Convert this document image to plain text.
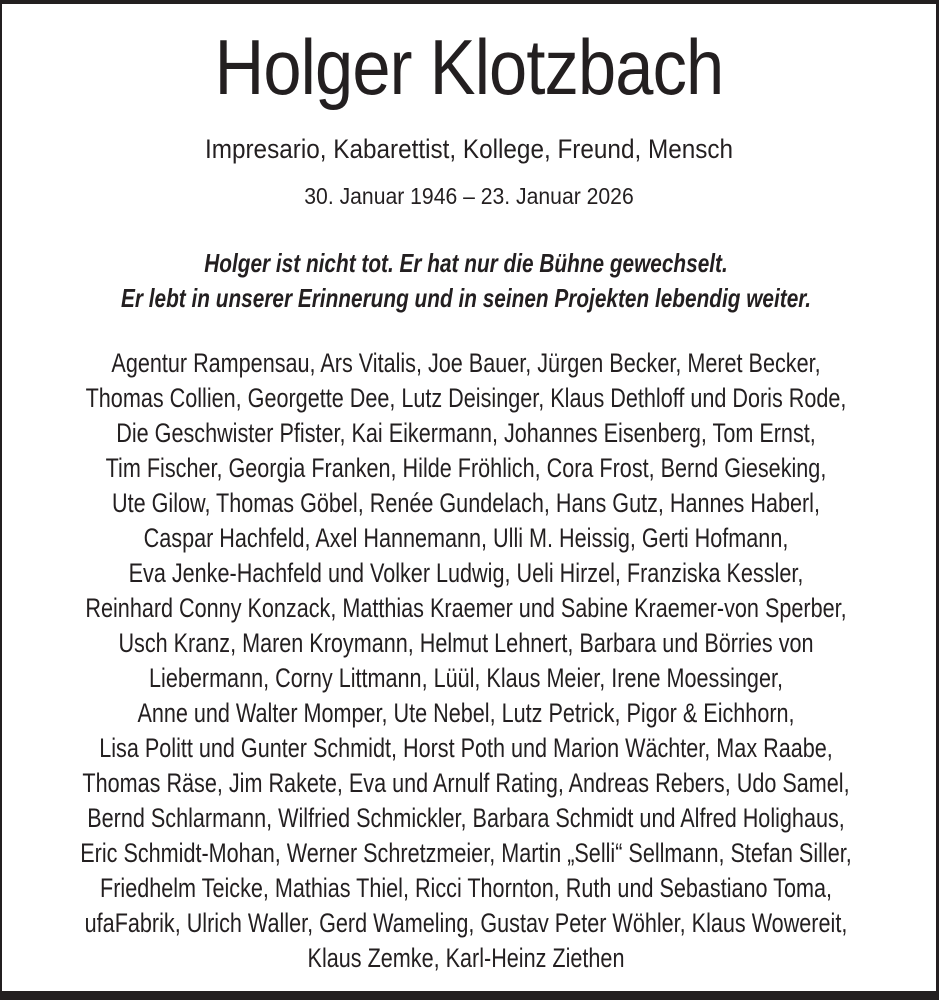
Holger Klotzbach
Impresario, Kabarettist, Kollege, Freund, Mensch
30. Januar 1946 – 23. Januar 2026
Holger ist nicht tot. Er hat nur die Bühne gewechselt.
Er lebt in unserer Erinnerung und in seinen Projekten lebendig weiter.
Agentur Rampensau, Ars Vitalis, Joe Bauer, Jürgen Becker, Meret Becker,
Thomas Collien, Georgette Dee, Lutz Deisinger, Klaus Dethloff und Doris Rode,
Die Geschwister Pfister, Kai Eikermann, Johannes Eisenberg, Tom Ernst,
Tim Fischer, Georgia Franken, Hilde Fröhlich, Cora Frost, Bernd Gieseking,
Ute Gilow, Thomas Göbel, Renée Gundelach, Hans Gutz, Hannes Haberl,
Caspar Hachfeld, Axel Hannemann, Ulli M. Heissig, Gerti Hofmann,
Eva Jenke-Hachfeld und Volker Ludwig, Ueli Hirzel, Franziska Kessler,
Reinhard Conny Konzack, Matthias Kraemer und Sabine Kraemer-von Sperber,
Usch Kranz, Maren Kroymann, Helmut Lehnert, Barbara und Börries von
Liebermann, Corny Littmann, Lüül, Klaus Meier, Irene Moessinger,
Anne und Walter Momper, Ute Nebel, Lutz Petrick, Pigor & Eichhorn,
Lisa Politt und Gunter Schmidt, Horst Poth und Marion Wächter, Max Raabe,
Thomas Räse, Jim Rakete, Eva und Arnulf Rating, Andreas Rebers, Udo Samel,
Bernd Schlarmann, Wilfried Schmickler, Barbara Schmidt und Alfred Holighaus,
Eric Schmidt-Mohan, Werner Schretzmeier, Martin „Selli“ Sellmann, Stefan Siller,
Friedhelm Teicke, Mathias Thiel, Ricci Thornton, Ruth und Sebastiano Toma,
ufaFabrik, Ulrich Waller, Gerd Wameling, Gustav Peter Wöhler, Klaus Wowereit,
Klaus Zemke, Karl-Heinz Ziethen
